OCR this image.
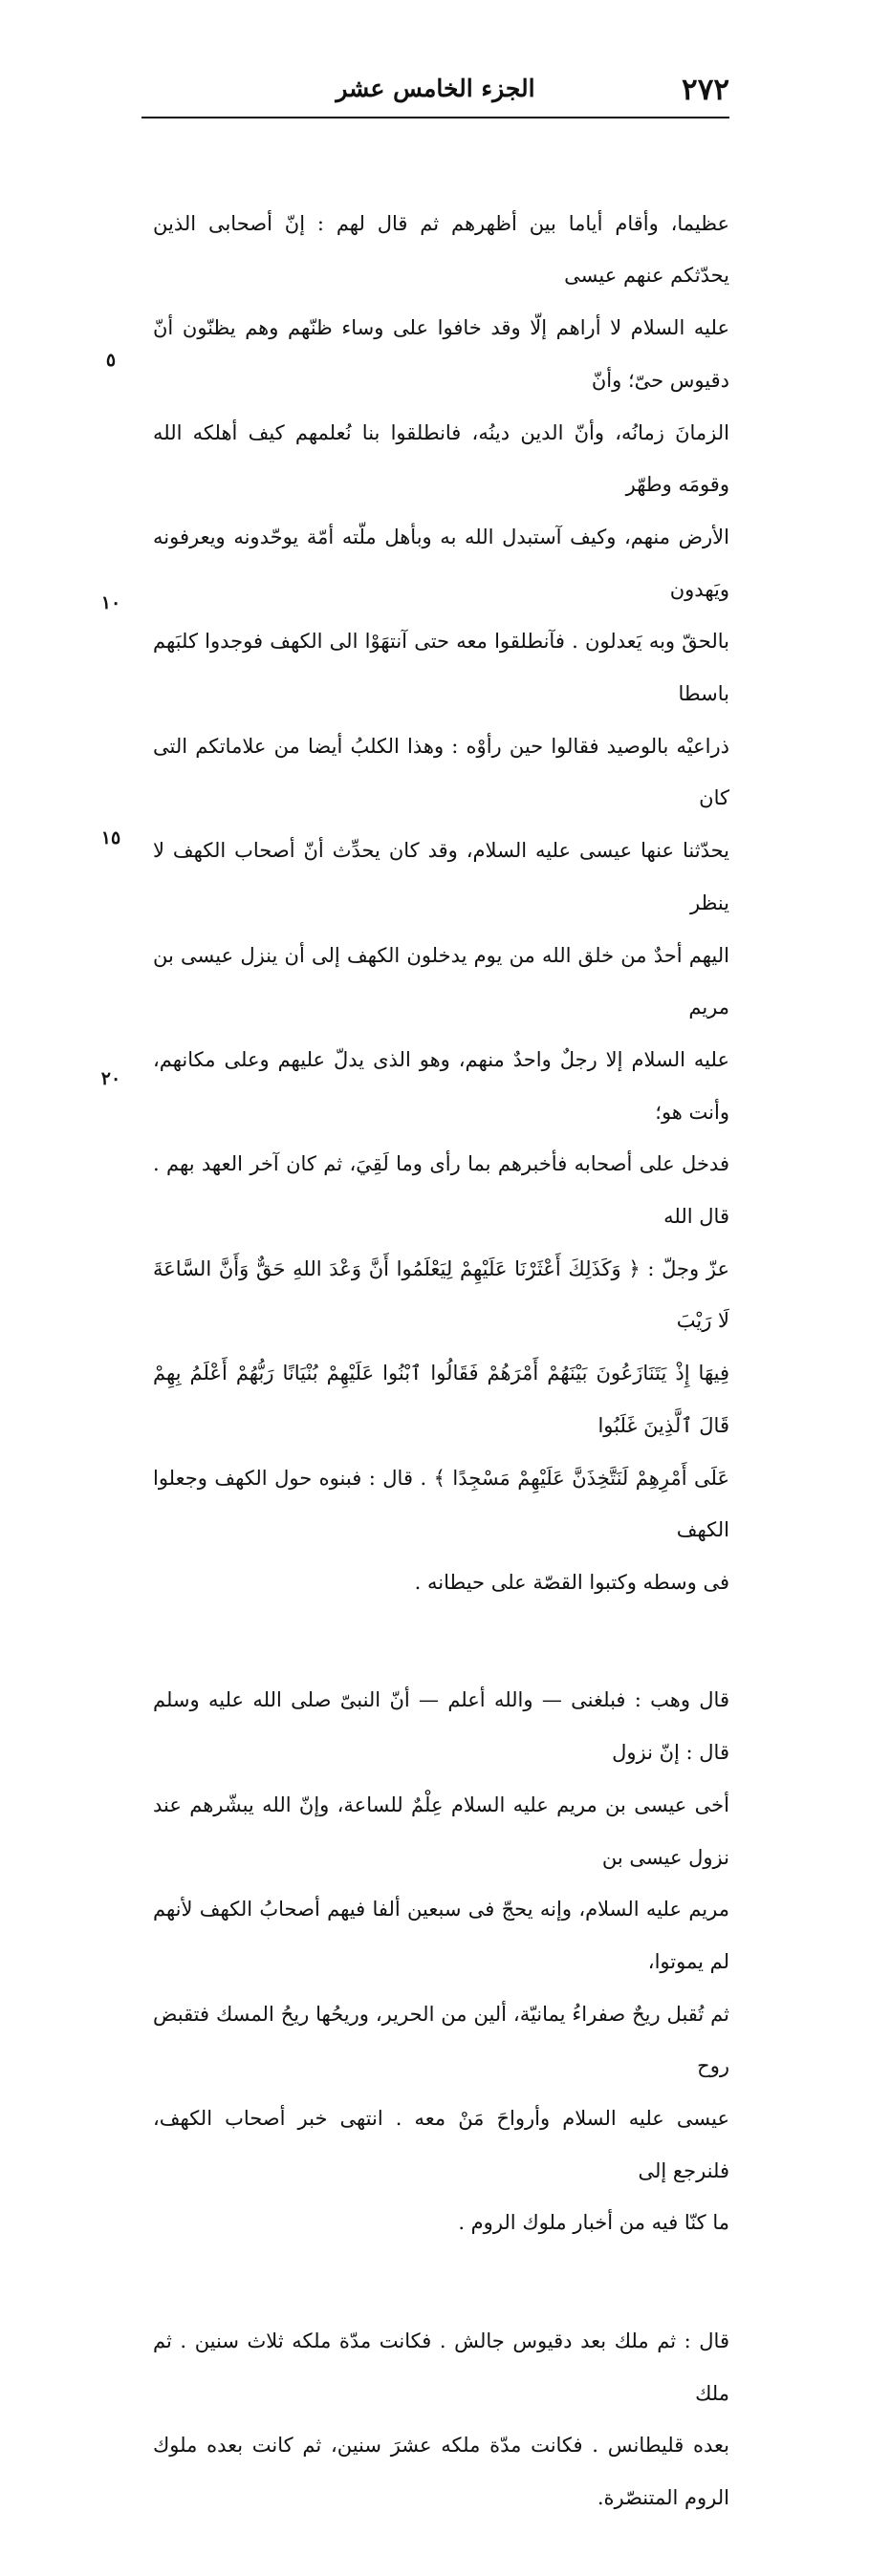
٢٧٢
الجزء الخامس عشر

عظيما، وأقام أياما بين أظهرهم ثم قال لهم : إنّ أصحابى الذين يحدّثكم عنهم عيسى
عليه السلام لا أراهم إلّا وقد خافوا على وساء ظنّهم وهم يظنّون أنّ دقيوس حىّ؛ وأنّ
الزمانَ زمانُه، وأنّ الدين دينُه، فانطلقوا بنا نُعلمهم كيف أهلكه الله وقومَه وطهّر
الأرض منهم، وكيف آستبدل الله به وبأهل ملّته أمّة يوحّدونه ويعرفونه ويَهدون
بالحقّ وبه يَعدلون . فآنطلقوا معه حتى آنتهَوْا الى الكهف فوجدوا كلبَهم باسطا
ذراعيْه بالوصيد فقالوا حين رأوْه : وهذا الكلبُ أيضا من علاماتكم التى كان
يحدّثنا عنها عيسى عليه السلام، وقد كان يحدِّث أنّ أصحاب الكهف لا ينظر
اليهم أحدٌ من خلق الله من يوم يدخلون الكهف إلى أن ينزل عيسى بن مريم
عليه السلام إلا رجلٌ واحدٌ منهم، وهو الذى يدلّ عليهم وعلى مكانهم، وأنت هو؛
فدخل على أصحابه فأخبرهم بما رأى وما لَقِيَ، ثم كان آخر العهد بهم . قال الله
عزّ وجلّ : ﴿ وَكَذَلِكَ أَعْثَرْنَا عَلَيْهِمْ لِيَعْلَمُوا أَنَّ وَعْدَ اللهِ حَقٌّ وَأَنَّ السَّاعَةَ لَا رَيْبَ
فِيهَا إِذْ يَتَنَازَعُونَ بَيْنَهُمْ أَمْرَهُمْ فَقَالُوا ٱبْنُوا عَلَيْهِمْ بُنْيَانًا رَبُّهُمْ أَعْلَمُ بِهِمْ قَالَ ٱلَّذِينَ غَلَبُوا
عَلَى أَمْرِهِمْ لَنَتَّخِذَنَّ عَلَيْهِمْ مَسْجِدًا ﴾ . قال : فبنوه حول الكهف وجعلوا الكهف
فى وسطه وكتبوا القصّة على حيطانه .

قال وهب : فبلغنى — والله أعلم — أنّ النبىّ صلى الله عليه وسلم قال : إنّ نزول
أخى عيسى بن مريم عليه السلام عِلْمٌ للساعة، وإنّ الله يبشّرهم عند نزول عيسى بن
مريم عليه السلام، وإنه يحجّ فى سبعين ألفا فيهم أصحابُ الكهف لأنهم لم يموتوا،
ثم تُقبل ريحٌ صفراءُ يمانيّة، ألين من الحرير، وريحُها ريحُ المسك فتقبض روح
عيسى عليه السلام وأرواحَ مَنْ معه . انتهى خبر أصحاب الكهف، فلنرجع إلى
ما كنّا فيه من أخبار ملوك الروم .

قال : ثم ملك بعد دقيوس جالش . فكانت مدّة ملكه ثلاث سنين . ثم ملك
بعده قليطانس . فكانت مدّة ملكه عشرَ سنين، ثم كانت بعده ملوك الروم المتنصّرة.

٥
١٠
١٥
٢٠
